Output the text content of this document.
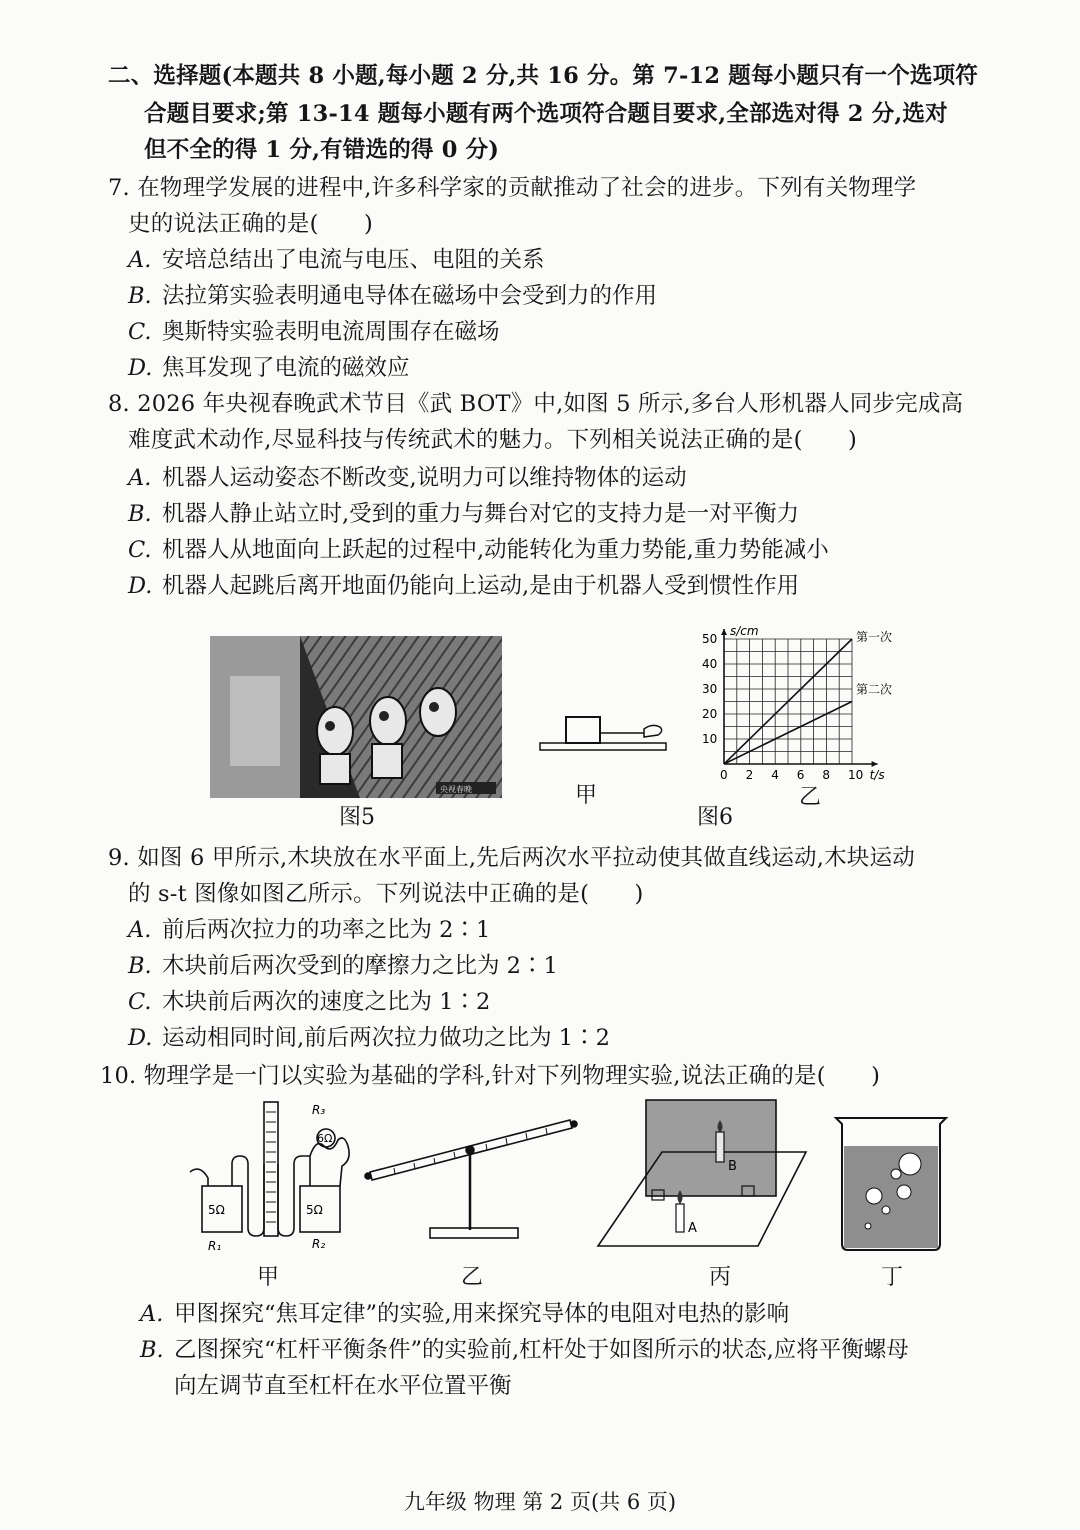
二、选择题(本题共 8 小题,每小题 2 分,共 16 分。第 7-12 题每小题只有一个选项符
合题目要求;第 13-14 题每小题有两个选项符合题目要求,全部选对得 2 分,选对
但不全的得 1 分,有错选的得 0 分)
7. 在物理学发展的进程中,许多科学家的贡献推动了社会的进步。下列有关物理学
史的说法正确的是(　　)
A. 安培总结出了电流与电压、电阻的关系
B. 法拉第实验表明通电导体在磁场中会受到力的作用
C. 奥斯特实验表明电流周围存在磁场
D. 焦耳发现了电流的磁效应
8. 2026 年央视春晚武术节目《武 BOT》中,如图 5 所示,多台人形机器人同步完成高
难度武术动作,尽显科技与传统武术的魅力。下列相关说法正确的是(　　)
A. 机器人运动姿态不断改变,说明力可以维持物体的运动
B. 机器人静止站立时,受到的重力与舞台对它的支持力是一对平衡力
C. 机器人从地面向上跃起的过程中,动能转化为重力势能,重力势能减小
D. 机器人起跳后离开地面仍能向上运动,是由于机器人受到惯性作用
央视春晚
图5
甲
0 2 4 6 8 10
10
20
30
40
50
s/cm
t/s
第一次
第二次
乙
图6
9. 如图 6 甲所示,木块放在水平面上,先后两次水平拉动使其做直线运动,木块运动
的 s-t 图像如图乙所示。下列说法中正确的是(　　)
A. 前后两次拉力的功率之比为 2∶1
B. 木块前后两次受到的摩擦力之比为 2∶1
C. 木块前后两次的速度之比为 1∶2
D. 运动相同时间,前后两次拉力做功之比为 1∶2
10. 物理学是一门以实验为基础的学科,针对下列物理实验,说法正确的是(　　)
R₃
6Ω
5Ω	5Ω
R₁	R₂
甲	乙
B
A
丙	丁
A. 甲图探究“焦耳定律”的实验,用来探究导体的电阻对电热的影响
B. 乙图探究“杠杆平衡条件”的实验前,杠杆处于如图所示的状态,应将平衡螺母
向左调节直至杠杆在水平位置平衡
九年级 物理 第 2 页(共 6 页)
